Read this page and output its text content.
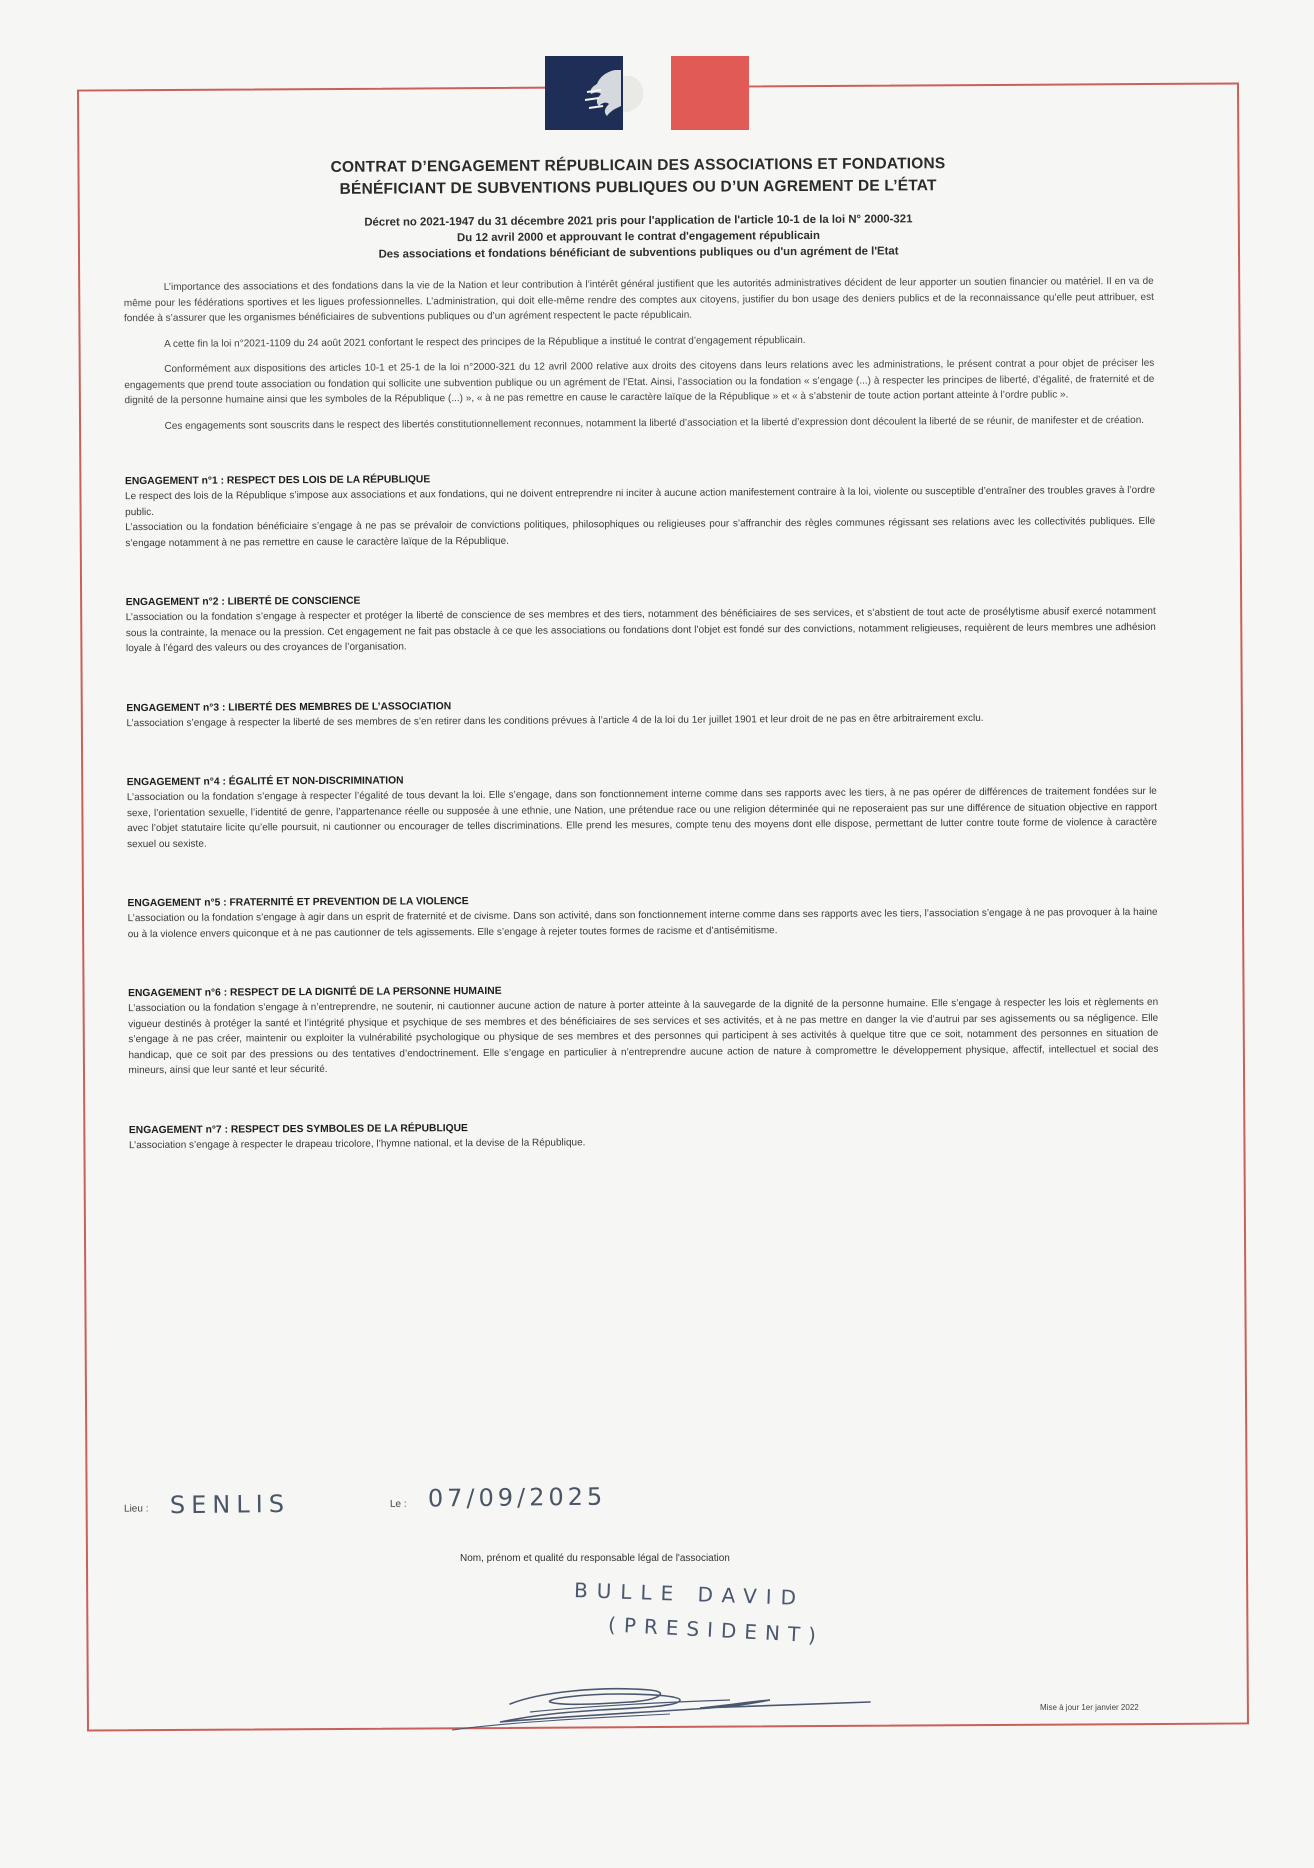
CONTRAT D’ENGAGEMENT RÉPUBLICAIN DES ASSOCIATIONS ET FONDATIONS
BÉNÉFICIANT DE SUBVENTIONS PUBLIQUES OU D’UN AGREMENT DE L’ÉTAT
Décret no 2021-1947 du 31 décembre 2021 pris pour l'application de l'article 10-1 de la loi N° 2000-321
Du 12 avril 2000 et approuvant le contrat d'engagement républicain
Des associations et fondations bénéficiant de subventions publiques ou d'un agrément de l'Etat

L’importance des associations et des fondations dans la vie de la Nation et leur contribution à l’intérêt général justifient que les autorités administratives décident de leur apporter un soutien financier ou matériel. Il en va de même pour les fédérations sportives et les ligues professionnelles. L’administration, qui doit elle-même rendre des comptes aux citoyens, justifier du bon usage des deniers publics et de la reconnaissance qu’elle peut attribuer, est fondée à s’assurer que les organismes bénéficiaires de subventions publiques ou d’un agrément respectent le pacte républicain.

A cette fin la loi n°2021-1109 du 24 août 2021 confortant le respect des principes de la République a institué le contrat d’engagement républicain.

Conformément aux dispositions des articles 10-1 et 25-1 de la loi n°2000-321 du 12 avril 2000 relative aux droits des citoyens dans leurs relations avec les administrations, le présent contrat a pour objet de préciser les engagements que prend toute association ou fondation qui sollicite une subvention publique ou un agrément de l’Etat. Ainsi, l’association ou la fondation « s’engage (...) à respecter les principes de liberté, d’égalité, de fraternité et de dignité de la personne humaine ainsi que les symboles de la République (...) », « à ne pas remettre en cause le caractère laïque de la République » et « à s’abstenir de toute action portant atteinte à l’ordre public ».

Ces engagements sont souscrits dans le respect des libertés constitutionnellement reconnues, notamment la liberté d’association et la liberté d’expression dont découlent la liberté de se réunir, de manifester et de création.

ENGAGEMENT n°1 : RESPECT DES LOIS DE LA RÉPUBLIQUE

Le respect des lois de la République s’impose aux associations et aux fondations, qui ne doivent entreprendre ni inciter à aucune action manifestement contraire à la loi, violente ou susceptible d’entraîner des troubles graves à l’ordre public.

L’association ou la fondation bénéficiaire s’engage à ne pas se prévaloir de convictions politiques, philosophiques ou religieuses pour s’affranchir des règles communes régissant ses relations avec les collectivités publiques. Elle s’engage notamment à ne pas remettre en cause le caractère laïque de la République.

ENGAGEMENT n°2 : LIBERTÉ DE CONSCIENCE

L’association ou la fondation s’engage à respecter et protéger la liberté de conscience de ses membres et des tiers, notamment des bénéficiaires de ses services, et s’abstient de tout acte de prosélytisme abusif exercé notamment sous la contrainte, la menace ou la pression. Cet engagement ne fait pas obstacle à ce que les associations ou fondations dont l’objet est fondé sur des convictions, notamment religieuses, requièrent de leurs membres une adhésion loyale à l’égard des valeurs ou des croyances de l’organisation.

ENGAGEMENT n°3 : LIBERTÉ DES MEMBRES DE L’ASSOCIATION

L’association s’engage à respecter la liberté de ses membres de s’en retirer dans les conditions prévues à l’article 4 de la loi du 1er juillet 1901 et leur droit de ne pas en être arbitrairement exclu.

ENGAGEMENT n°4 : ÉGALITÉ ET NON-DISCRIMINATION

L’association ou la fondation s’engage à respecter l’égalité de tous devant la loi. Elle s’engage, dans son fonctionnement interne comme dans ses rapports avec les tiers, à ne pas opérer de différences de traitement fondées sur le sexe, l’orientation sexuelle, l’identité de genre, l’appartenance réelle ou supposée à une ethnie, une Nation, une prétendue race ou une religion déterminée qui ne reposeraient pas sur une différence de situation objective en rapport avec l’objet statutaire licite qu’elle poursuit, ni cautionner ou encourager de telles discriminations. Elle prend les mesures, compte tenu des moyens dont elle dispose, permettant de lutter contre toute forme de violence à caractère sexuel ou sexiste.

ENGAGEMENT n°5 : FRATERNITÉ ET PREVENTION DE LA VIOLENCE

L’association ou la fondation s’engage à agir dans un esprit de fraternité et de civisme. Dans son activité, dans son fonctionnement interne comme dans ses rapports avec les tiers, l’association s’engage à ne pas provoquer à la haine ou à la violence envers quiconque et à ne pas cautionner de tels agissements. Elle s’engage à rejeter toutes formes de racisme et d’antisémitisme.

ENGAGEMENT n°6 : RESPECT DE LA DIGNITÉ DE LA PERSONNE HUMAINE

L’association ou la fondation s’engage à n’entreprendre, ne soutenir, ni cautionner aucune action de nature à porter atteinte à la sauvegarde de la dignité de la personne humaine. Elle s’engage à respecter les lois et règlements en vigueur destinés à protéger la santé et l’intégrité physique et psychique de ses membres et des bénéficiaires de ses services et ses activités, et à ne pas mettre en danger la vie d’autrui par ses agissements ou sa négligence. Elle s’engage à ne pas créer, maintenir ou exploiter la vulnérabilité psychologique ou physique de ses membres et des personnes qui participent à ses activités à quelque titre que ce soit, notamment des personnes en situation de handicap, que ce soit par des pressions ou des tentatives d’endoctrinement. Elle s’engage en particulier à n’entreprendre aucune action de nature à compromettre le développement physique, affectif, intellectuel et social des mineurs, ainsi que leur santé et leur sécurité.

ENGAGEMENT n°7 : RESPECT DES SYMBOLES DE LA RÉPUBLIQUE

L’association s’engage à respecter le drapeau tricolore, l’hymne national, et la devise de la République.

Lieu : SENLIS	Le : 07/09/2025
Nom, prénom et qualité du responsable légal de l'association
BULLE DAVID
(PRESIDENT)
Mise à jour 1er janvier 2022
